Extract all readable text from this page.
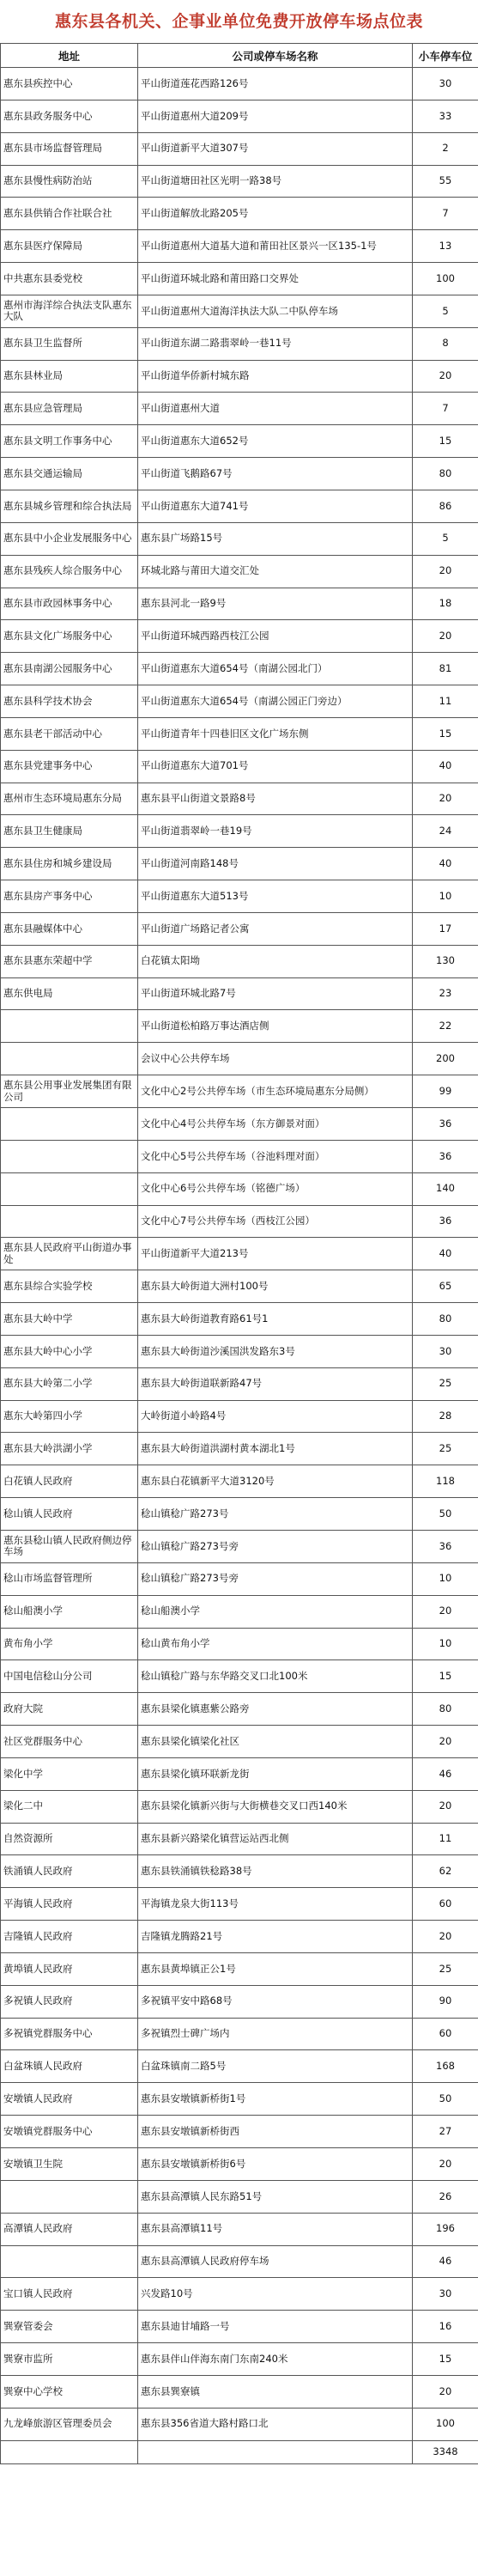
惠东县各机关、企事业单位免费开放停车场点位表
地址	公司或停车场名称	小车停车位
惠东县疾控中心	平山街道莲花西路126号	30
惠东县政务服务中心	平山街道惠州大道209号	33
惠东县市场监督管理局	平山街道新平大道307号	2
惠东县慢性病防治站	平山街道塘田社区光明一路38号	55
惠东县供销合作社联合社	平山街道解放北路205号	7
惠东县医疗保障局	平山街道惠州大道基大道和莆田社区景兴一区135-1号	13
中共惠东县委党校	平山街道环城北路和莆田路口交界处	100
惠州市海洋综合执法支队惠东大队	平山街道惠州大道海洋执法大队二中队停车场	5
惠东县卫生监督所	平山街道东湖二路翡翠岭一巷11号	8
惠东县林业局	平山街道华侨新村城东路	20
惠东县应急管理局	平山街道惠州大道	7
惠东县文明工作事务中心	平山街道惠东大道652号	15
惠东县交通运输局	平山街道飞鹅路67号	80
惠东县城乡管理和综合执法局	平山街道惠东大道741号	86
惠东县中小企业发展服务中心	惠东县广场路15号	5
惠东县残疾人综合服务中心	环城北路与莆田大道交汇处	20
惠东县市政园林事务中心	惠东县河北一路9号	18
惠东县文化广场服务中心	平山街道环城西路西枝江公园	20
惠东县南湖公园服务中心	平山街道惠东大道654号（南湖公园北门）	81
惠东县科学技术协会	平山街道惠东大道654号（南湖公园正门旁边）	11
惠东县老干部活动中心	平山街道青年十四巷旧区文化广场东侧	15
惠东县党建事务中心	平山街道惠东大道701号	40
惠州市生态环境局惠东分局	惠东县平山街道文景路8号	20
惠东县卫生健康局	平山街道翡翠岭一巷19号	24
惠东县住房和城乡建设局	平山街道河南路148号	40
惠东县房产事务中心	平山街道惠东大道513号	10
惠东县融媒体中心	平山街道广场路记者公寓	17
惠东县惠东荣超中学	白花镇太阳坳	130
惠东供电局	平山街道环城北路7号	23
	平山街道松柏路万事达酒店侧	22
	会议中心公共停车场	200
惠东县公用事业发展集团有限公司	文化中心2号公共停车场（市生态环境局惠东分局侧）	99
	文化中心4号公共停车场（东方御景对面）	36
	文化中心5号公共停车场（谷池料理对面）	36
	文化中心6号公共停车场（铭德广场）	140
	文化中心7号公共停车场（西枝江公园）	36
惠东县人民政府平山街道办事处	平山街道新平大道213号	40
惠东县综合实验学校	惠东县大岭街道大洲村100号	65
惠东县大岭中学	惠东县大岭街道教育路61号1	80
惠东县大岭中心小学	惠东县大岭街道沙溪国洪发路东3号	30
惠东县大岭第二小学	惠东县大岭街道联新路47号	25
惠东大岭第四小学	大岭街道小岭路4号	28
惠东县大岭洪湖小学	惠东县大岭街道洪湖村黄本湖北1号	25
白花镇人民政府	惠东县白花镇新平大道3120号	118
稔山镇人民政府	稔山镇稔广路273号	50
惠东县稔山镇人民政府侧边停车场	稔山镇稔广路273号旁	36
稔山市场监督管理所	稔山镇稔广路273号旁	10
稔山船澳小学	稔山船澳小学	20
黄布角小学	稔山黄布角小学	10
中国电信稔山分公司	稔山镇稔广路与东华路交叉口北100米	15
政府大院	惠东县梁化镇惠紫公路旁	80
社区党群服务中心	惠东县梁化镇梁化社区	20
梁化中学	惠东县梁化镇环联新龙街	46
梁化二中	惠东县梁化镇新兴街与大街横巷交叉口西140米	20
自然资源所	惠东县新兴路梁化镇营运站西北侧	11
铁涌镇人民政府	惠东县铁涌镇铁稔路38号	62
平海镇人民政府	平海镇龙泉大街113号	60
吉隆镇人民政府	吉隆镇龙腾路21号	20
黄埠镇人民政府	惠东县黄埠镇正公1号	25
多祝镇人民政府	多祝镇平安中路68号	90
多祝镇党群服务中心	多祝镇烈士碑广场内	60
白盆珠镇人民政府	白盆珠镇南二路5号	168
安墩镇人民政府	惠东县安墩镇新桥街1号	50
安墩镇党群服务中心	惠东县安墩镇新桥街西	27
安墩镇卫生院	惠东县安墩镇新桥街6号	20
	惠东县高潭镇人民东路51号	26
高潭镇人民政府	惠东县高潭镇11号	196
	惠东县高潭镇人民政府停车场	46
宝口镇人民政府	兴发路10号	30
巽寮管委会	惠东县迪甘埔路一号	16
巽寮市监所	惠东县伴山伴海东南门东南240米	15
巽寮中心学校	惠东县巽寮镇	20
九龙峰旅游区管理委员会	惠东县356省道大路村路口北	100
		3348
